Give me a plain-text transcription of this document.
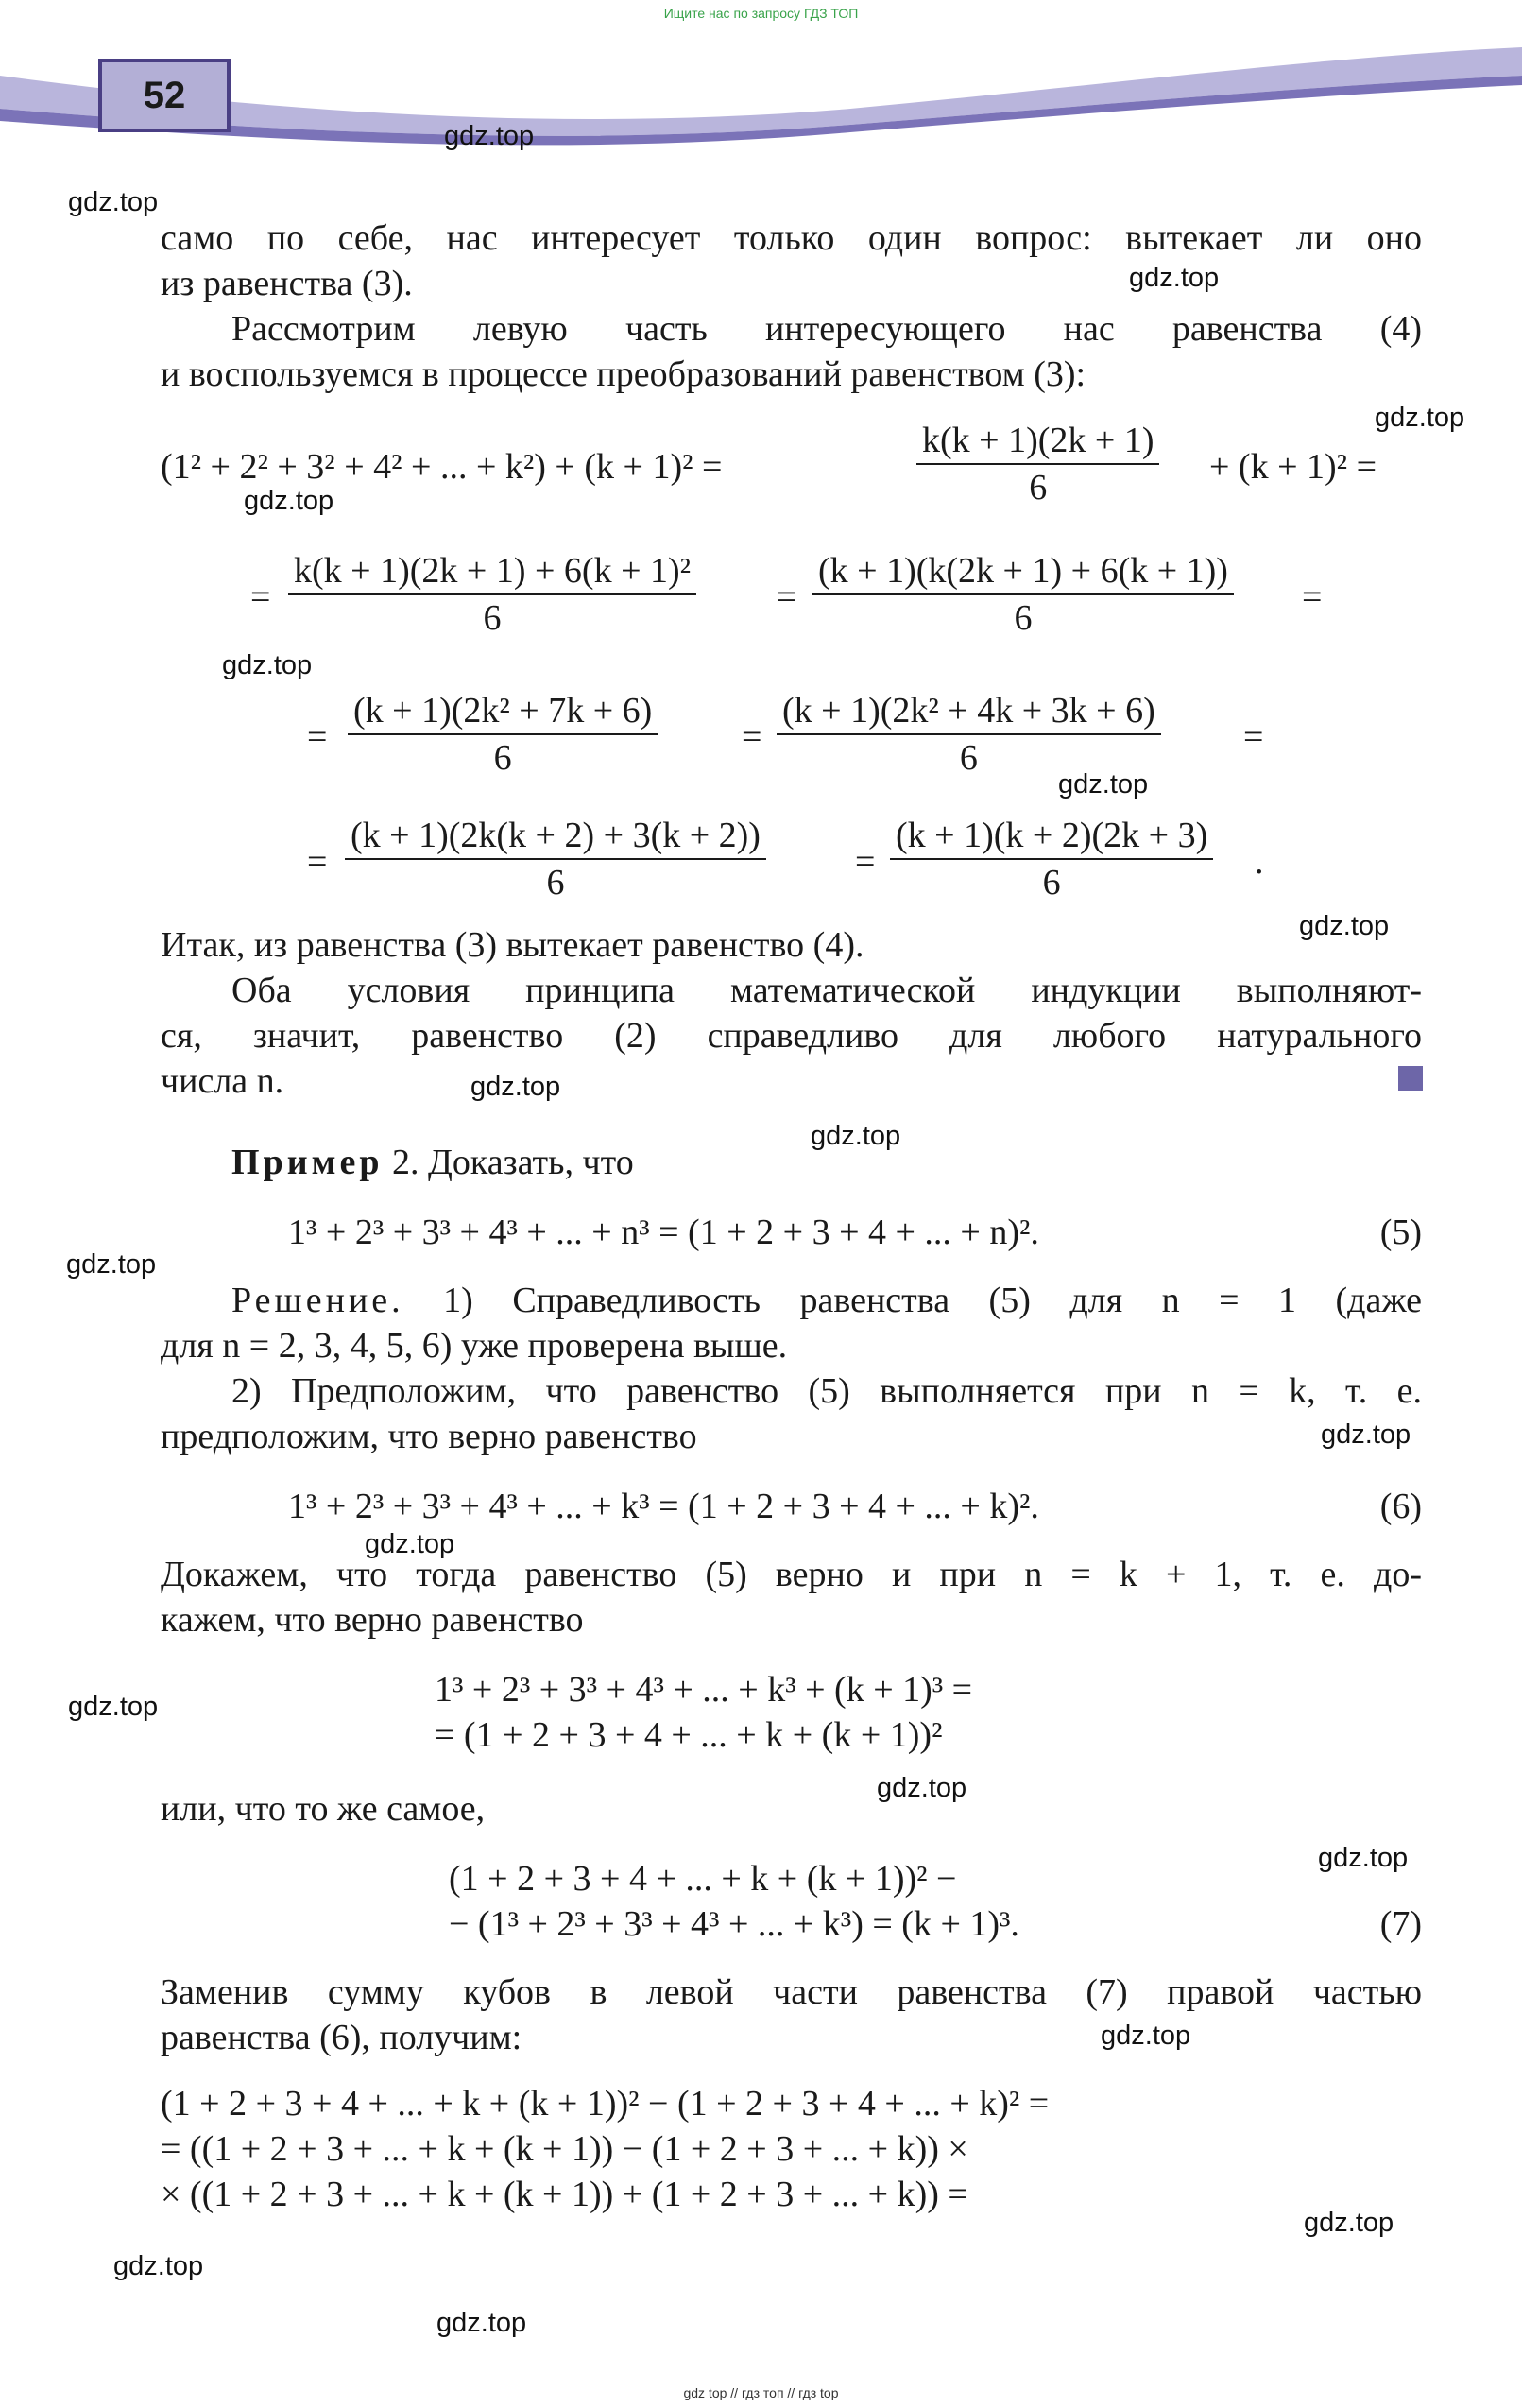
Ищите нас по запросу ГДЗ ТОП
52
gdz.top
gdz.top
gdz.top
gdz.top
gdz.top
gdz.top
gdz.top
gdz.top
gdz.top
gdz.top
gdz.top
gdz.top
gdz.top
gdz.top
gdz.top
gdz.top
gdz.top
gdz.top
gdz.top
gdz.top
само по себе, нас интересует только один вопрос: вытекает ли оно
из равенства (3).
Рассмотрим левую часть интересующего нас равенства (4)
и воспользуемся в процессе преобразований равенством (3):
(1² + 2² + 3² + 4² + ... + k²) + (k + 1)² =
k(k + 1)(2k + 1)
6
+ (k + 1)² =
=
k(k + 1)(2k + 1) + 6(k + 1)²
6
=
(k + 1)(k(2k + 1) + 6(k + 1))
6
=
=
(k + 1)(2k² + 7k + 6)
6
=
(k + 1)(2k² + 4k + 3k + 6)
6
=
=
(k + 1)(2k(k + 2) + 3(k + 2))
6
=
(k + 1)(k + 2)(2k + 3)
6
.
Итак, из равенства (3) вытекает равенство (4).
Оба условия принципа математической индукции выполняют-
ся, значит, равенство (2) справедливо для любого натурального
числа n.
Пример 2. Доказать, что
1³ + 2³ + 3³ + 4³ + ... + n³ = (1 + 2 + 3 + 4 + ... + n)².	(5)
Решение. 1) Справедливость равенства (5) для n = 1 (даже
для n = 2, 3, 4, 5, 6) уже проверена выше.
2) Предположим, что равенство (5) выполняется при n = k, т. е.
предположим, что верно равенство
1³ + 2³ + 3³ + 4³ + ... + k³ = (1 + 2 + 3 + 4 + ... + k)².	(6)
Докажем, что тогда равенство (5) верно и при n = k + 1, т. е. до-
кажем, что верно равенство
1³ + 2³ + 3³ + 4³ + ... + k³ + (k + 1)³ =
= (1 + 2 + 3 + 4 + ... + k + (k + 1))²
или, что то же самое,
(1 + 2 + 3 + 4 + ... + k + (k + 1))² −
− (1³ + 2³ + 3³ + 4³ + ... + k³) = (k + 1)³.	(7)
Заменив сумму кубов в левой части равенства (7) правой частью
равенства (6), получим:
(1 + 2 + 3 + 4 + ... + k + (k + 1))² − (1 + 2 + 3 + 4 + ... + k)² =
= ((1 + 2 + 3 + ... + k + (k + 1)) − (1 + 2 + 3 + ... + k)) ×
× ((1 + 2 + 3 + ... + k + (k + 1)) + (1 + 2 + 3 + ... + k)) =
gdz top // гдз топ // гдз top
